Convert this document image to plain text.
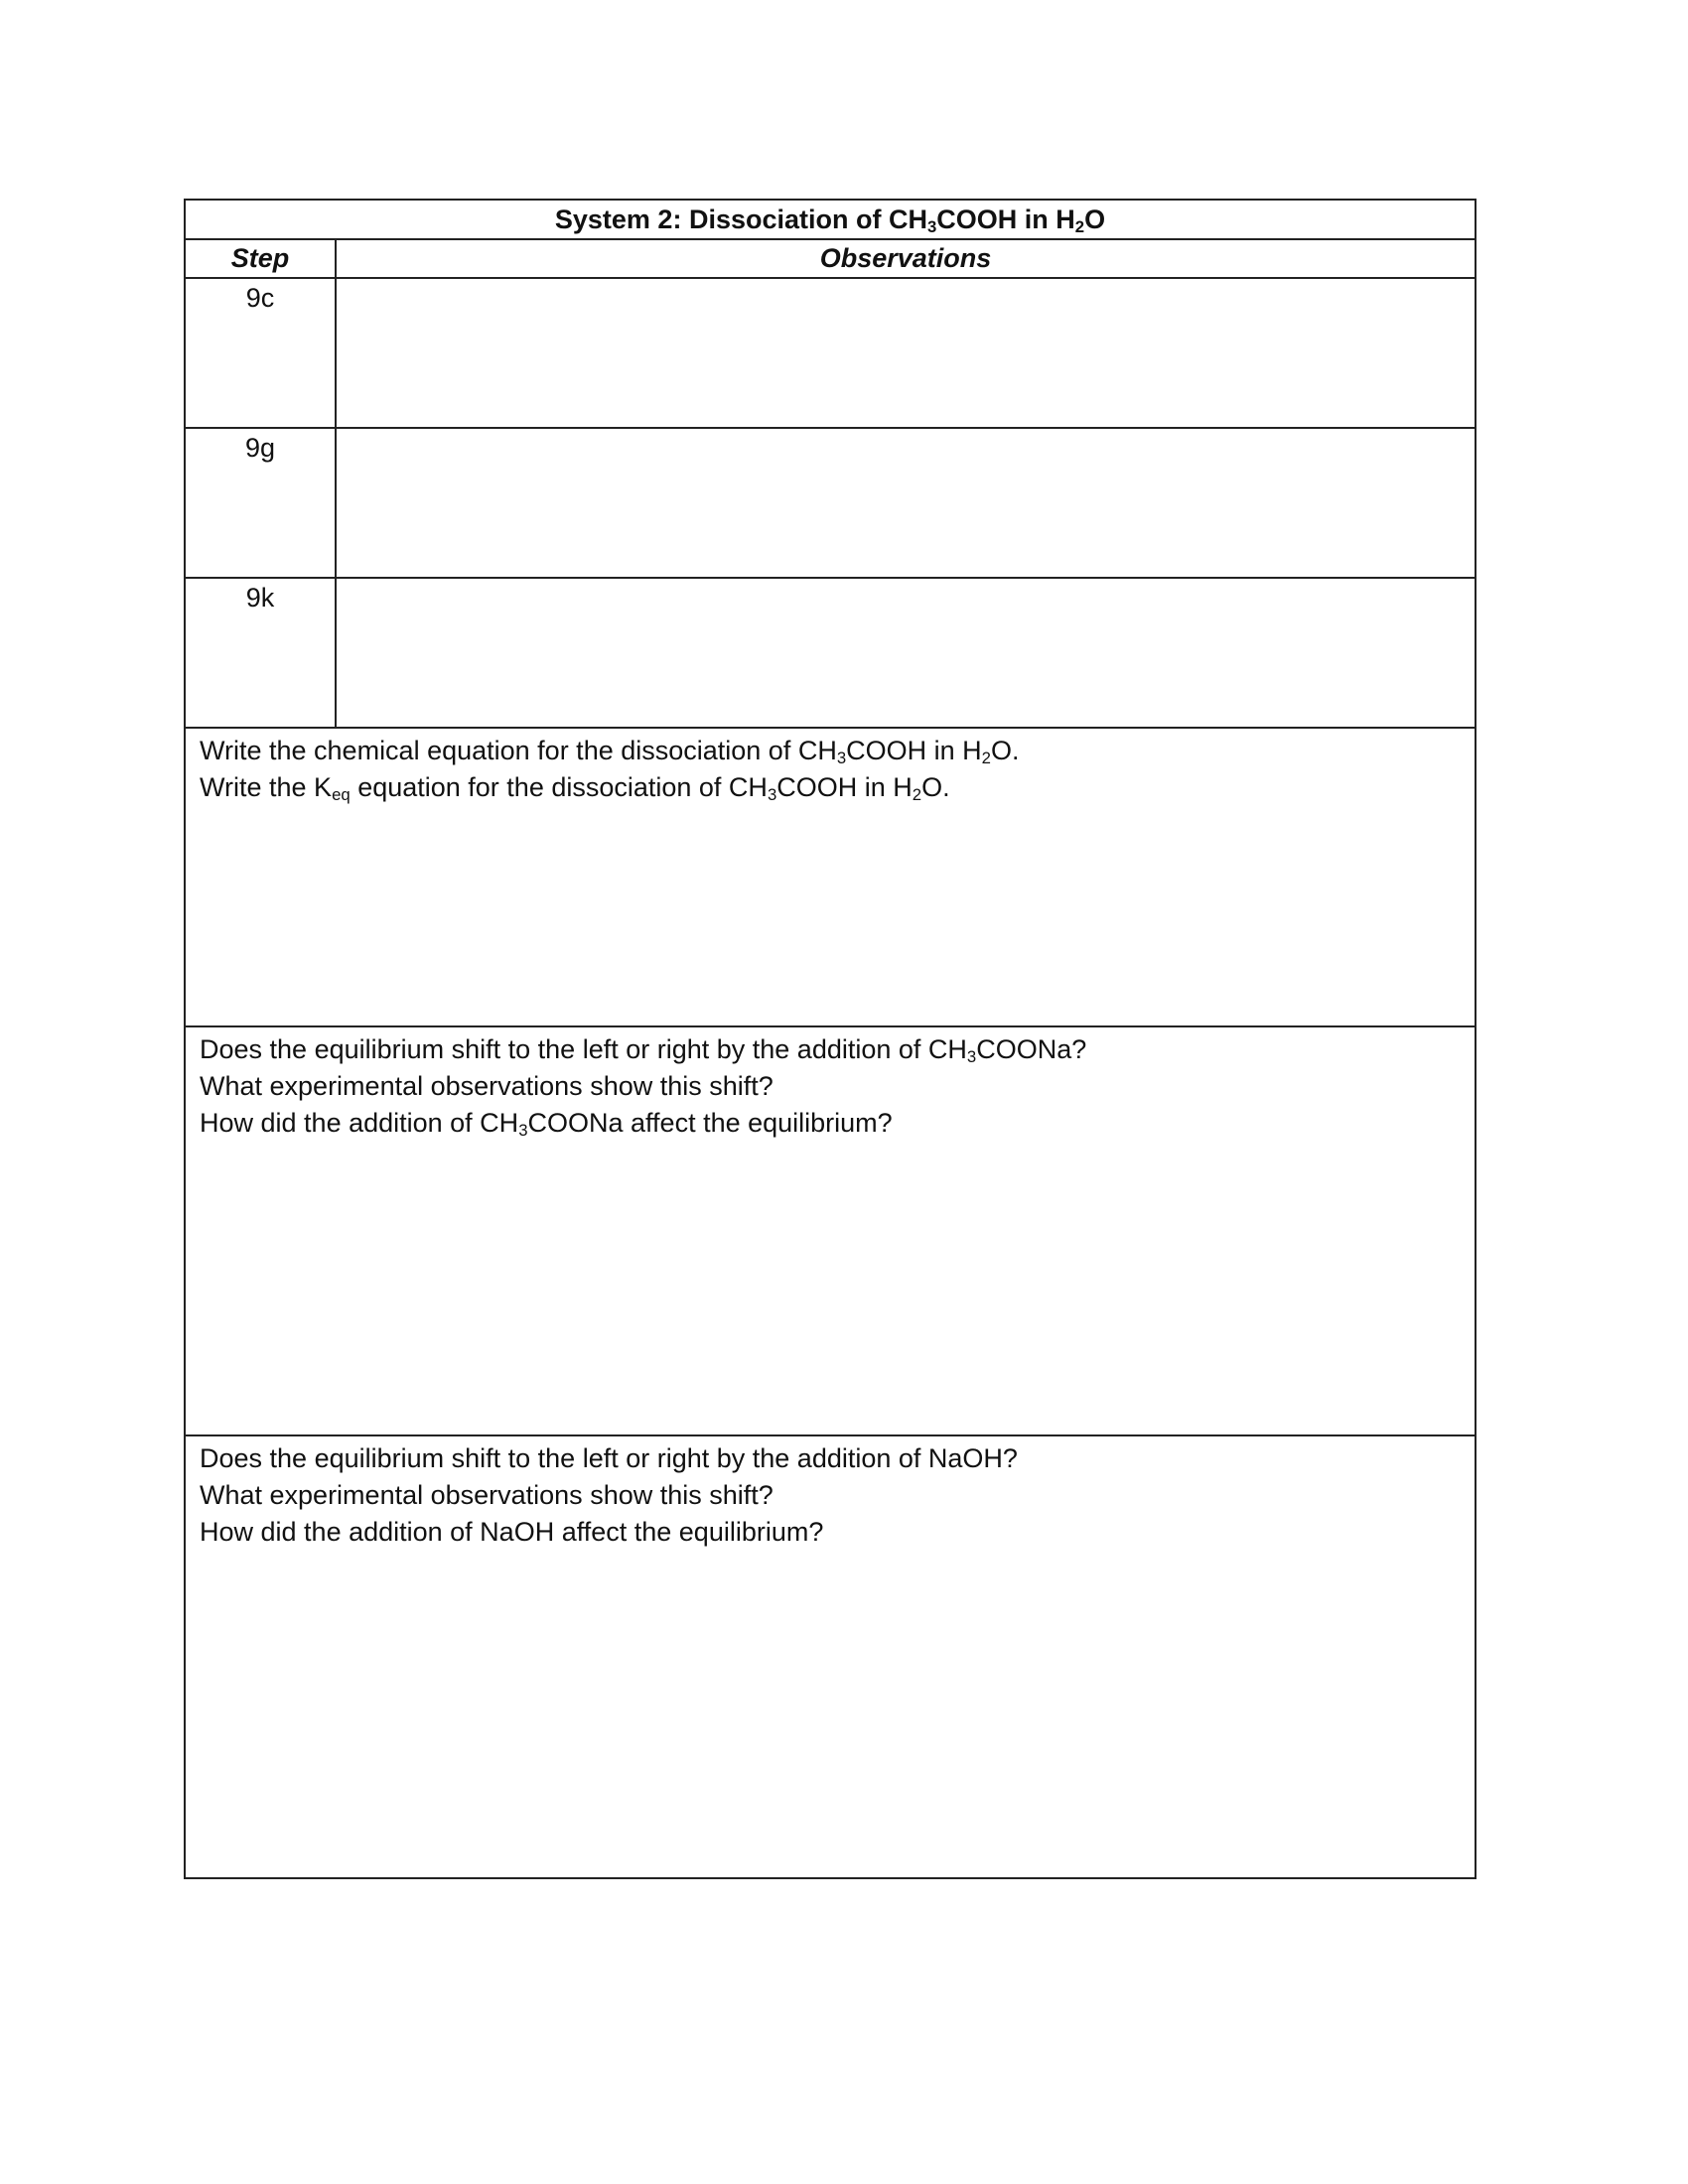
System 2: Dissociation of $CH_3COOH$ in $H_2O$
Step	Observations
9c
9g
9k
Write the chemical equation for the dissociation of $CH_3COOH$ in $H_2O$.
Write the $K_{eq}$ equation for the dissociation of $CH_3COOH$ in $H_2O$.
Does the equilibrium shift to the left or right by the addition of $CH_3COONa$?
What experimental observations show this shift?
How did the addition of $CH_3COONa$ affect the equilibrium?
Does the equilibrium shift to the left or right by the addition of NaOH?
What experimental observations show this shift?
How did the addition of NaOH affect the equilibrium?
